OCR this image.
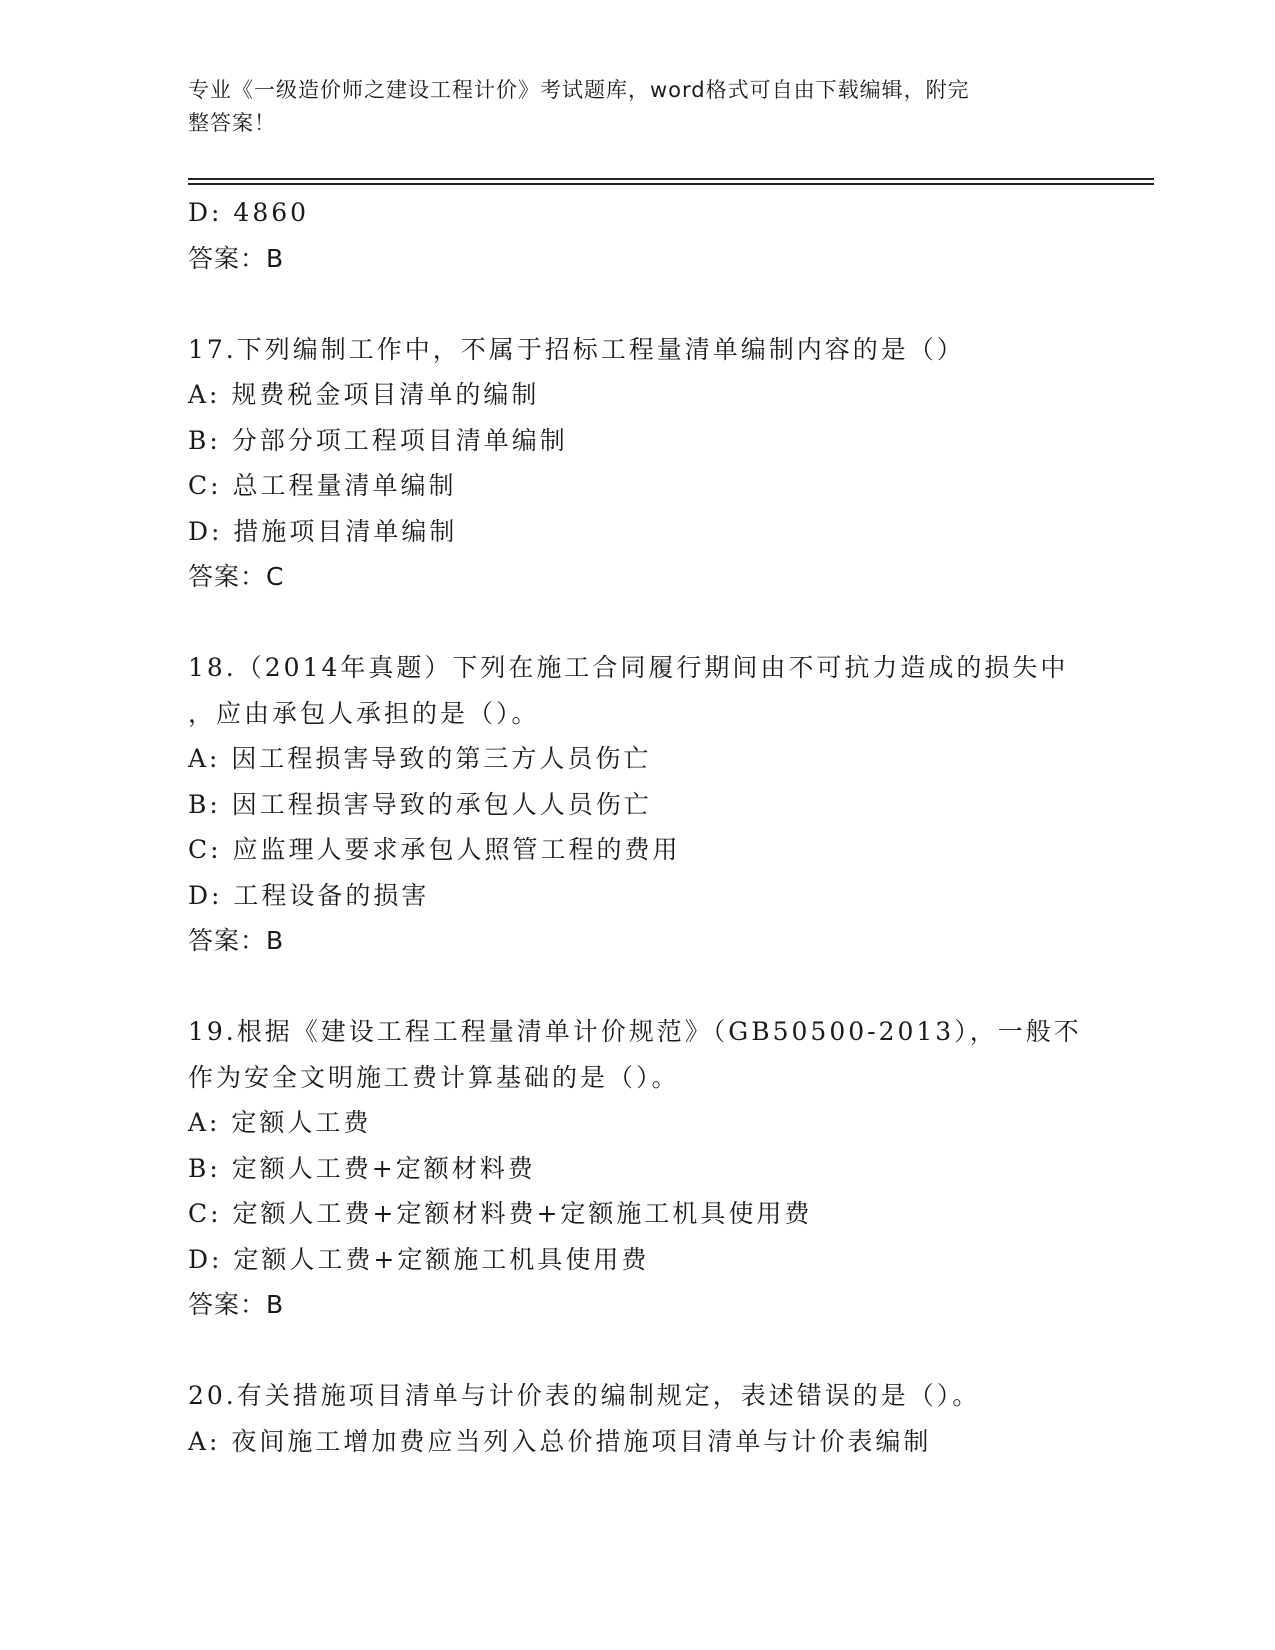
专业《一级造价师之建设工程计价》考试题库，word格式可自由下载编辑，附完
整答案！
D: 4860
答案：B
17.下列编制工作中，不属于招标工程量清单编制内容的是（）
A: 规费税金项目清单的编制
B: 分部分项工程项目清单编制
C: 总工程量清单编制
D: 措施项目清单编制
答案：C
18.（2014年真题）下列在施工合同履行期间由不可抗力造成的损失中
，应由承包人承担的是（）。
A: 因工程损害导致的第三方人员伤亡
B: 因工程损害导致的承包人人员伤亡
C: 应监理人要求承包人照管工程的费用
D: 工程设备的损害
答案：B
19.根据《建设工程工程量清单计价规范》（GB50500-2013），一般不
作为安全文明施工费计算基础的是（）。
A: 定额人工费
B: 定额人工费+定额材料费
C: 定额人工费+定额材料费+定额施工机具使用费
D: 定额人工费+定额施工机具使用费
答案：B
20.有关措施项目清单与计价表的编制规定，表述错误的是（）。
A: 夜间施工增加费应当列入总价措施项目清单与计价表编制
